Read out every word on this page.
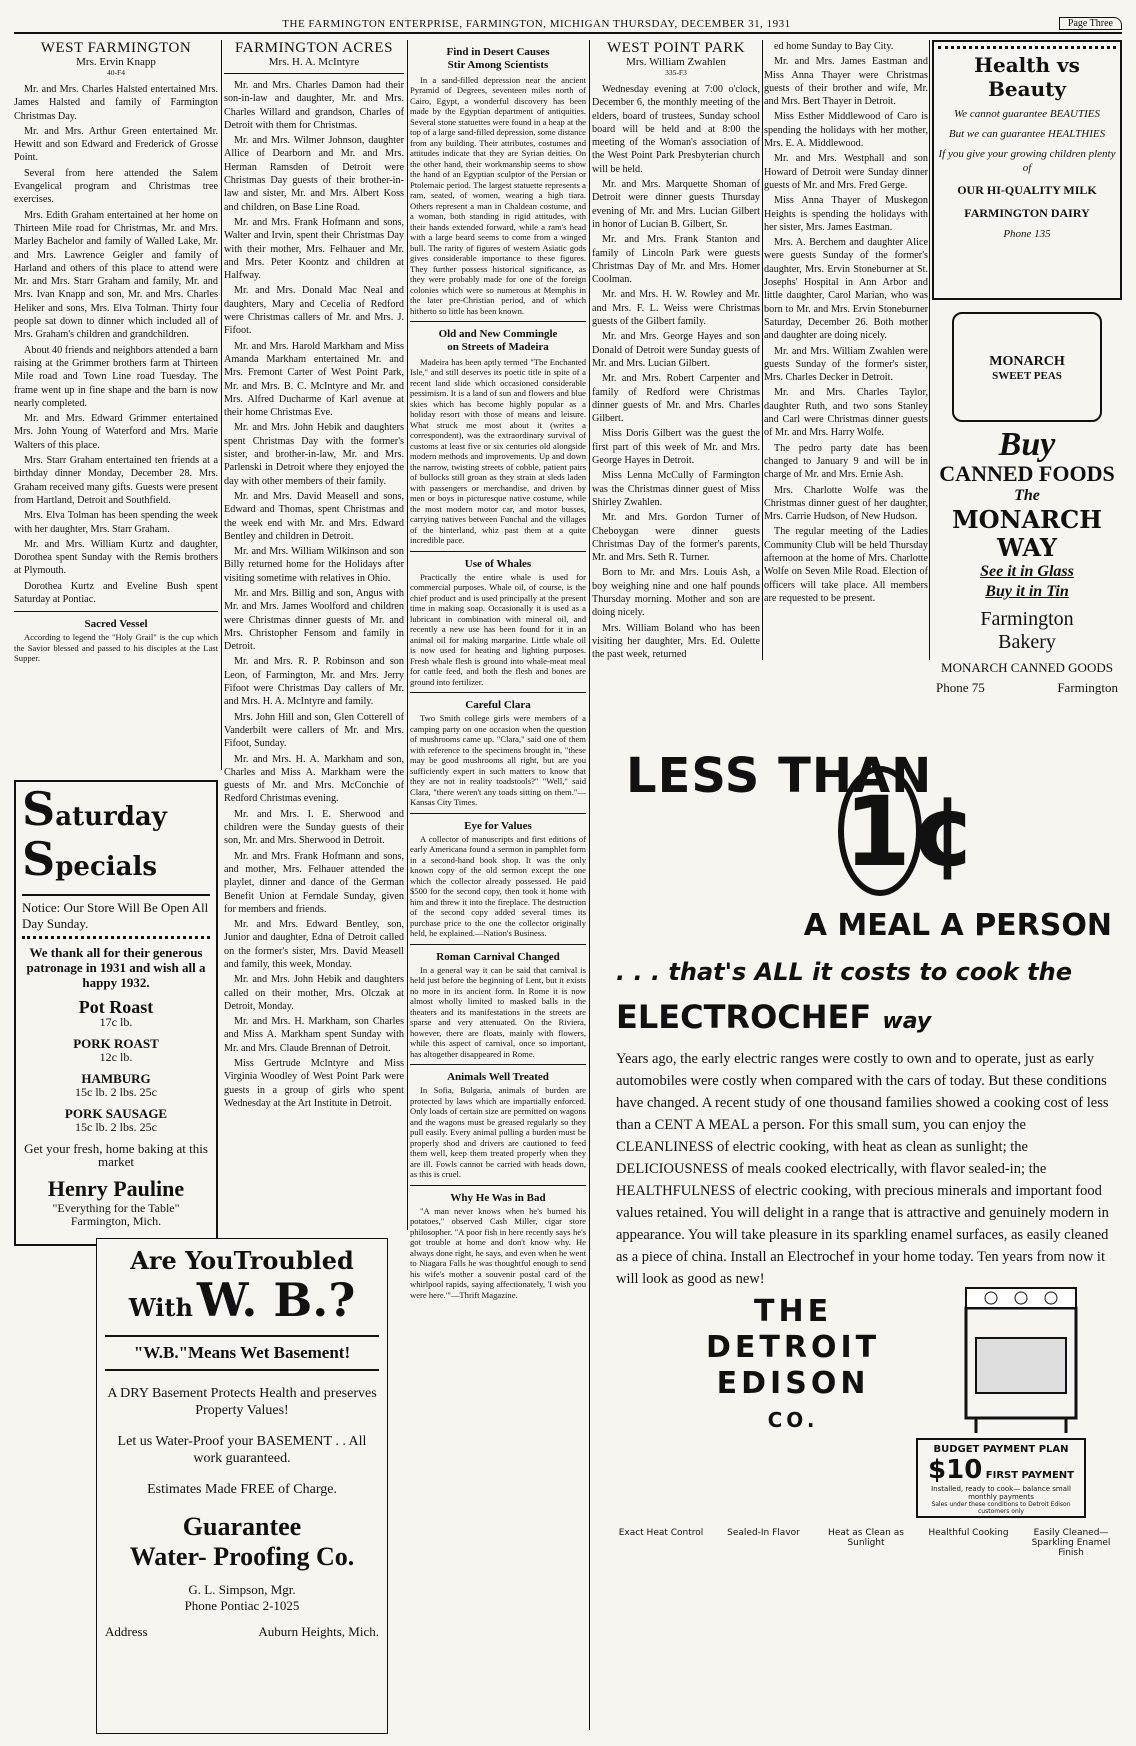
THE FARMINGTON ENTERPRISE, FARMINGTON, MICHIGAN THURSDAY, DECEMBER 31, 1931	Page Three
WEST FARMINGTON
Mrs. Ervin Knapp
40-F4

Mr. and Mrs. Charles Halsted entertained Mrs. James Halsted and family of Farmington Christmas Day.

Mr. and Mrs. Arthur Green entertained Mr. Hewitt and son Edward and Frederick of Grosse Point.

Several from here attended the Salem Evangelical program and Christmas tree exercises.

Mrs. Edith Graham entertained at her home on Thirteen Mile road for Christmas, Mr. and Mrs. Marley Bachelor and family of Walled Lake, Mr. and Mrs. Lawrence Geigler and family of Harland and others of this place to attend were Mr. and Mrs. Starr Graham and family, Mr. and Mrs. Ivan Knapp and son, Mr. and Mrs. Charles Heliker and sons, Mrs. Elva Tolman. Thirty four people sat down to dinner which included all of Mrs. Graham's children and grandchildren.

About 40 friends and neighbors attended a barn raising at the Grimmer brothers farm at Thirteen Mile road and Town Line road Tuesday. The frame went up in fine shape and the barn is now nearly completed.

Mr. and Mrs. Edward Grimmer entertained Mrs. John Young of Waterford and Mrs. Marie Walters of this place.

Mrs. Starr Graham entertained ten friends at a birthday dinner Monday, December 28. Mrs. Graham received many gifts. Guests were present from Hartland, Detroit and Southfield.

Mrs. Elva Tolman has been spending the week with her daughter, Mrs. Starr Graham.

Mr. and Mrs. William Kurtz and daughter, Dorothea spent Sunday with the Remis brothers at Plymouth.

Dorothea Kurtz and Eveline Bush spent Saturday at Pontiac.

Sacred Vessel

According to legend the "Holy Grail" is the cup which the Savior blessed and passed to his disciples at the Last Supper.

FARMINGTON ACRES
Mrs. H. A. McIntyre

Mr. and Mrs. Charles Damon had their son-in-law and daughter, Mr. and Mrs. Charles Willard and grandson, Charles of Detroit with them for Christmas.

Mr. and Mrs. Wilmer Johnson, daughter Allice of Dearborn and Mr. and Mrs. Herman Ramsden of Detroit were Christmas Day guests of their brother-in-law and sister, Mr. and Mrs. Albert Koss and children, on Base Line Road.

Mr. and Mrs. Frank Hofmann and sons, Walter and Irvin, spent their Christmas Day with their mother, Mrs. Felhauer and Mr. and Mrs. Peter Koontz and children at Halfway.

Mr. and Mrs. Donald Mac Neal and daughters, Mary and Cecelia of Redford were Christmas callers of Mr. and Mrs. J. Fifoot.

Mr. and Mrs. Harold Markham and Miss Amanda Markham entertained Mr. and Mrs. Fremont Carter of West Point Park, Mr. and Mrs. B. C. McIntyre and Mr. and Mrs. Alfred Ducharme of Karl avenue at their home Christmas Eve.

Mr. and Mrs. John Hebik and daughters spent Christmas Day with the former's sister, and brother-in-law, Mr. and Mrs. Parlenski in Detroit where they enjoyed the day with other members of their family.

Mr. and Mrs. David Measell and sons, Edward and Thomas, spent Christmas and the week end with Mr. and Mrs. Edward Bentley and children in Detroit.

Mr. and Mrs. William Wilkinson and son Billy returned home for the Holidays after visiting sometime with relatives in Ohio.

Mr. and Mrs. Billig and son, Angus with Mr. and Mrs. James Woolford and children were Christmas dinner guests of Mr. and Mrs. Christopher Fensom and family in Detroit.

Mr. and Mrs. R. P. Robinson and son Leon, of Farmington, Mr. and Mrs. Jerry Fifoot were Christmas Day callers of Mr. and Mrs. H. A. McIntyre and family.

Mrs. John Hill and son, Glen Cotterell of Vanderbilt were callers of Mr. and Mrs. Fifoot, Sunday.

Mr. and Mrs. H. A. Markham and son, Charles and Miss A. Markham were the guests of Mr. and Mrs. McConchie of Redford Christmas evening.

Mr. and Mrs. I. E. Sherwood and children were the Sunday guests of their son, Mr. and Mrs. Sherwood in Detroit.

Mr. and Mrs. Frank Hofmann and sons, and mother, Mrs. Felhauer attended the playlet, dinner and dance of the German Benefit Union at Ferndale Sunday, given for members and friends.

Mr. and Mrs. Edward Bentley, son, Junior and daughter, Edna of Detroit called on the former's sister, Mrs. David Measell and family, this week, Monday.

Mr. and Mrs. John Hebik and daughters called on their mother, Mrs. Olczak at Detroit, Monday.

Mr. and Mrs. H. Markham, son Charles and Miss A. Markham spent Sunday with Mr. and Mrs. Claude Brennan of Detroit.

Miss Gertrude McIntyre and Miss Virginia Woodley of West Point Park were guests in a group of girls who spent Wednesday at the Art Institute in Detroit.

Find in Desert Causes
Stir Among Scientists

In a sand-filled depression near the ancient Pyramid of Degrees, seventeen miles north of Cairo, Egypt, a wonderful discovery has been made by the Egyptian department of antiquities. Several stone statuettes were found in a heap at the top of a large sand-filled depression, some distance from any building. Their attributes, costumes and attitudes indicate that they are Syrian deities. On the other hand, their workmanship seems to show the hand of an Egyptian sculptor of the Persian or Ptolemaic period. The largest statuette represents a ram, seated, of women, wearing a high tiara. Others represent a man in Chaldean costume, and a woman, both standing in rigid attitudes, with their hands extended forward, while a ram's head with a large beard seems to come from a winged bull. The rarity of figures of western Asiatic gods gives considerable importance to these figures. They further possess historical significance, as they were probably made for one of the foreign colonies which were so numerous at Memphis in the later pre-Christian period, and of which hitherto so little has been known.

Old and New Commingle
on Streets of Madeira

Madeira has been aptly termed "The Enchanted Isle," and still deserves its poetic title in spite of a recent land slide which occasioned considerable pessimism. It is a land of sun and flowers and blue skies which has become highly popular as a holiday resort with those of means and leisure. What struck me most about it (writes a correspondent), was the extraordinary survival of customs at least five or six centuries old alongside modern methods and improvements. Up and down the narrow, twisting streets of cobble, patient pairs of bullocks still groan as they strain at sleds laden with passengers or merchandise, and driven by men or boys in picturesque native costume, while the most modern motor car, and motor busses, carrying natives between Funchal and the villages of the hinterland, whiz past them at a quite incredible pace.

Use of Whales

Practically the entire whale is used for commercial purposes. Whale oil, of course, is the chief product and is used principally at the present time in making soap. Occasionally it is used as a lubricant in combination with mineral oil, and recently a new use has been found for it in an animal oil for making margarine. Little whale oil is now used for heating and lighting purposes. Fresh whale flesh is ground into whale-meat meal for cattle feed, and both the flesh and bones are ground into fertilizer.

Careful Clara

Two Smith college girls were members of a camping party on one occasion when the question of mushrooms came up. "Clara," said one of them with reference to the specimens brought in, "these may be good mushrooms all right, but are you sufficiently expert in such matters to know that they are not in reality toadstools?" "Well," said Clara, "there weren't any toads sitting on them."—Kansas City Times.

Eye for Values

A collector of manuscripts and first editions of early Americana found a sermon in pamphlet form in a second-hand book shop. It was the only known copy of the old sermon except the one which the collector already possessed. He paid $500 for the second copy, then took it home with him and threw it into the fireplace. The destruction of the second copy added several times its purchase price to the one the collector originally held, he explained.—Nation's Business.

Roman Carnival Changed

In a general way it can be said that carnival is held just before the beginning of Lent, but it exists no more in its ancient form. In Rome it is now almost wholly limited to masked balls in the theaters and its manifestations in the streets are sparse and very attenuated. On the Riviera, however, there are floats, mainly with flowers, while this aspect of carnival, once so important, has altogether disappeared in Rome.

Animals Well Treated

In Sofia, Bulgaria, animals of burden are protected by laws which are impartially enforced. Only loads of certain size are permitted on wagons and the wagons must be greased regularly so they pull easily. Every animal pulling a burden must be properly shod and drivers are cautioned to feed them well, keep them treated properly when they are ill. Fowls cannot be carried with heads down, as this is cruel.

Why He Was in Bad

"A man never knows when he's burned his potatoes," observed Cash Miller, cigar store philosopher. "A poor fish in here recently says he's got trouble at home and don't know why. He always done right, he says, and even when he went to Niagara Falls he was thoughtful enough to send his wife's mother a souvenir postal card of the whirlpool rapids, saying affectionately, 'I wish you were here.'"—Thrift Magazine.

WEST POINT PARK
Mrs. William Zwahlen
335-F3

Wednesday evening at 7:00 o'clock, December 6, the monthly meeting of the elders, board of trustees, Sunday school board will be held and at 8:00 the meeting of the Woman's association of the West Point Park Presbyterian church will be held.

Mr. and Mrs. Marquette Shoman of Detroit were dinner guests Thursday evening of Mr. and Mrs. Lucian Gilbert in honor of Lucian B. Gilbert, Sr.

Mr. and Mrs. Frank Stanton and family of Lincoln Park were guests Christmas Day of Mr. and Mrs. Homer Coolman.

Mr. and Mrs. H. W. Rowley and Mr. and Mrs. F. L. Weiss were Christmas guests of the Gilbert family.

Mr. and Mrs. George Hayes and son Donald of Detroit were Sunday guests of Mr. and Mrs. Lucian Gilbert.

Mr. and Mrs. Robert Carpenter and family of Redford were Christmas dinner guests of Mr. and Mrs. Charles Gilbert.

Miss Doris Gilbert was the guest the first part of this week of Mr. and Mrs. George Hayes in Detroit.

Miss Lenna McCully of Farmington was the Christmas dinner guest of Miss Shirley Zwahlen.

Mr. and Mrs. Gordon Turner of Cheboygan were dinner guests Christmas Day of the former's parents, Mr. and Mrs. Seth R. Turner.

Born to Mr. and Mrs. Louis Ash, a boy weighing nine and one half pounds Thursday morning. Mother and son are doing nicely.

Mrs. William Boland who has been visiting her daughter, Mrs. Ed. Oulette the past week, returned

ed home Sunday to Bay City.

Mr. and Mrs. James Eastman and Miss Anna Thayer were Christmas guests of their brother and wife, Mr. and Mrs. Bert Thayer in Detroit.

Miss Esther Middlewood of Caro is spending the holidays with her mother, Mrs. E. A. Middlewood.

Mr. and Mrs. Westphall and son Howard of Detroit were Sunday dinner guests of Mr. and Mrs. Fred Gerge.

Miss Anna Thayer of Muskegon Heights is spending the holidays with her sister, Mrs. James Eastman.

Mrs. A. Berchem and daughter Alice were guests Sunday of the former's daughter, Mrs. Ervin Stoneburner at St. Josephs' Hospital in Ann Arbor and little daughter, Carol Marian, who was born to Mr. and Mrs. Ervin Stoneburner Saturday, December 26. Both mother and daughter are doing nicely.

Mr. and Mrs. William Zwahlen were guests Sunday of the former's sister, Mrs. Charles Decker in Detroit.

Mr. and Mrs. Charles Taylor, daughter Ruth, and two sons Stanley and Carl were Christmas dinner guests of Mr. and Mrs. Harry Wolfe.

The pedro party date has been changed to January 9 and will be in charge of Mr. and Mrs. Ernie Ash.

Mrs. Charlotte Wolfe was the Christmas dinner guest of her daughter, Mrs. Carrie Hudson, of New Hudson.

The regular meeting of the Ladies Community Club will be held Thursday afternoon at the home of Mrs. Charlotte Wolfe on Seven Mile Road. Election of officers will take place. All members are requested to be present.

Saturday
Specials
Notice: Our Store Will Be Open All Day Sunday.
We thank all for their generous patronage in 1931 and wish all a happy 1932.
Pot Roast
17c lb.
PORK ROAST
12c lb.
HAMBURG
15c lb. 2 lbs. 25c
PORK SAUSAGE
15c lb. 2 lbs. 25c
Get your fresh, home baking at this market
Henry Pauline
"Everything for the Table"
Farmington, Mich.
Are YouTroubled
With W. B.?
"W.B."Means Wet Basement!
A DRY Basement Protects Health and preserves Property Values!
Let us Water-Proof your BASEMENT . . All work guaranteed.
Estimates Made FREE of Charge.
Guarantee
Water- Proofing Co.
G. L. Simpson, Mgr.
Phone Pontiac 2-1025
Address	Auburn Heights, Mich.
LESS THAN
1¢
A MEAL A PERSON
. . . that's ALL it costs to cook the
ELECTROCHEF way
Years ago, the early electric ranges were costly to own and to operate, just as early automobiles were costly when compared with the cars of today. But these conditions have changed. A recent study of one thousand families showed a cooking cost of less than a CENT A MEAL a person. For this small sum, you can enjoy the CLEANLINESS of electric cooking, with heat as clean as sunlight; the DELICIOUSNESS of meals cooked electrically, with flavor sealed-in; the HEALTHFULNESS of electric cooking, with precious minerals and important food values retained. You will delight in a range that is attractive and genuinely modern in appearance. You will take pleasure in its sparkling enamel surfaces, as easily cleaned as a piece of china. Install an Electrochef in your home today. Ten years from now it will look as good as new!
THE
DETROIT
EDISON
CO.
BUDGET PAYMENT PLAN
$10 FIRST PAYMENT
Installed, ready to cook— balance small monthly payments
Sales under these conditions to Detroit Edison customers only
Exact Heat Control	Sealed-In Flavor	Heat as Clean as Sunlight
Healthful Cooking	Easily Cleaned— Sparkling Enamel Finish
Health vs Beauty
We cannot guarantee BEAUTIES
But we can guarantee HEALTHIES
If you give your growing children plenty of
OUR HI-QUALITY MILK
FARMINGTON DAIRY
Phone 135
MONARCH
SWEET PEAS
Buy
CANNED FOODS
The
MONARCH WAY
See it in Glass
Buy it in Tin
Farmington
Bakery
MONARCH CANNED GOODS
Phone 75	Farmington
